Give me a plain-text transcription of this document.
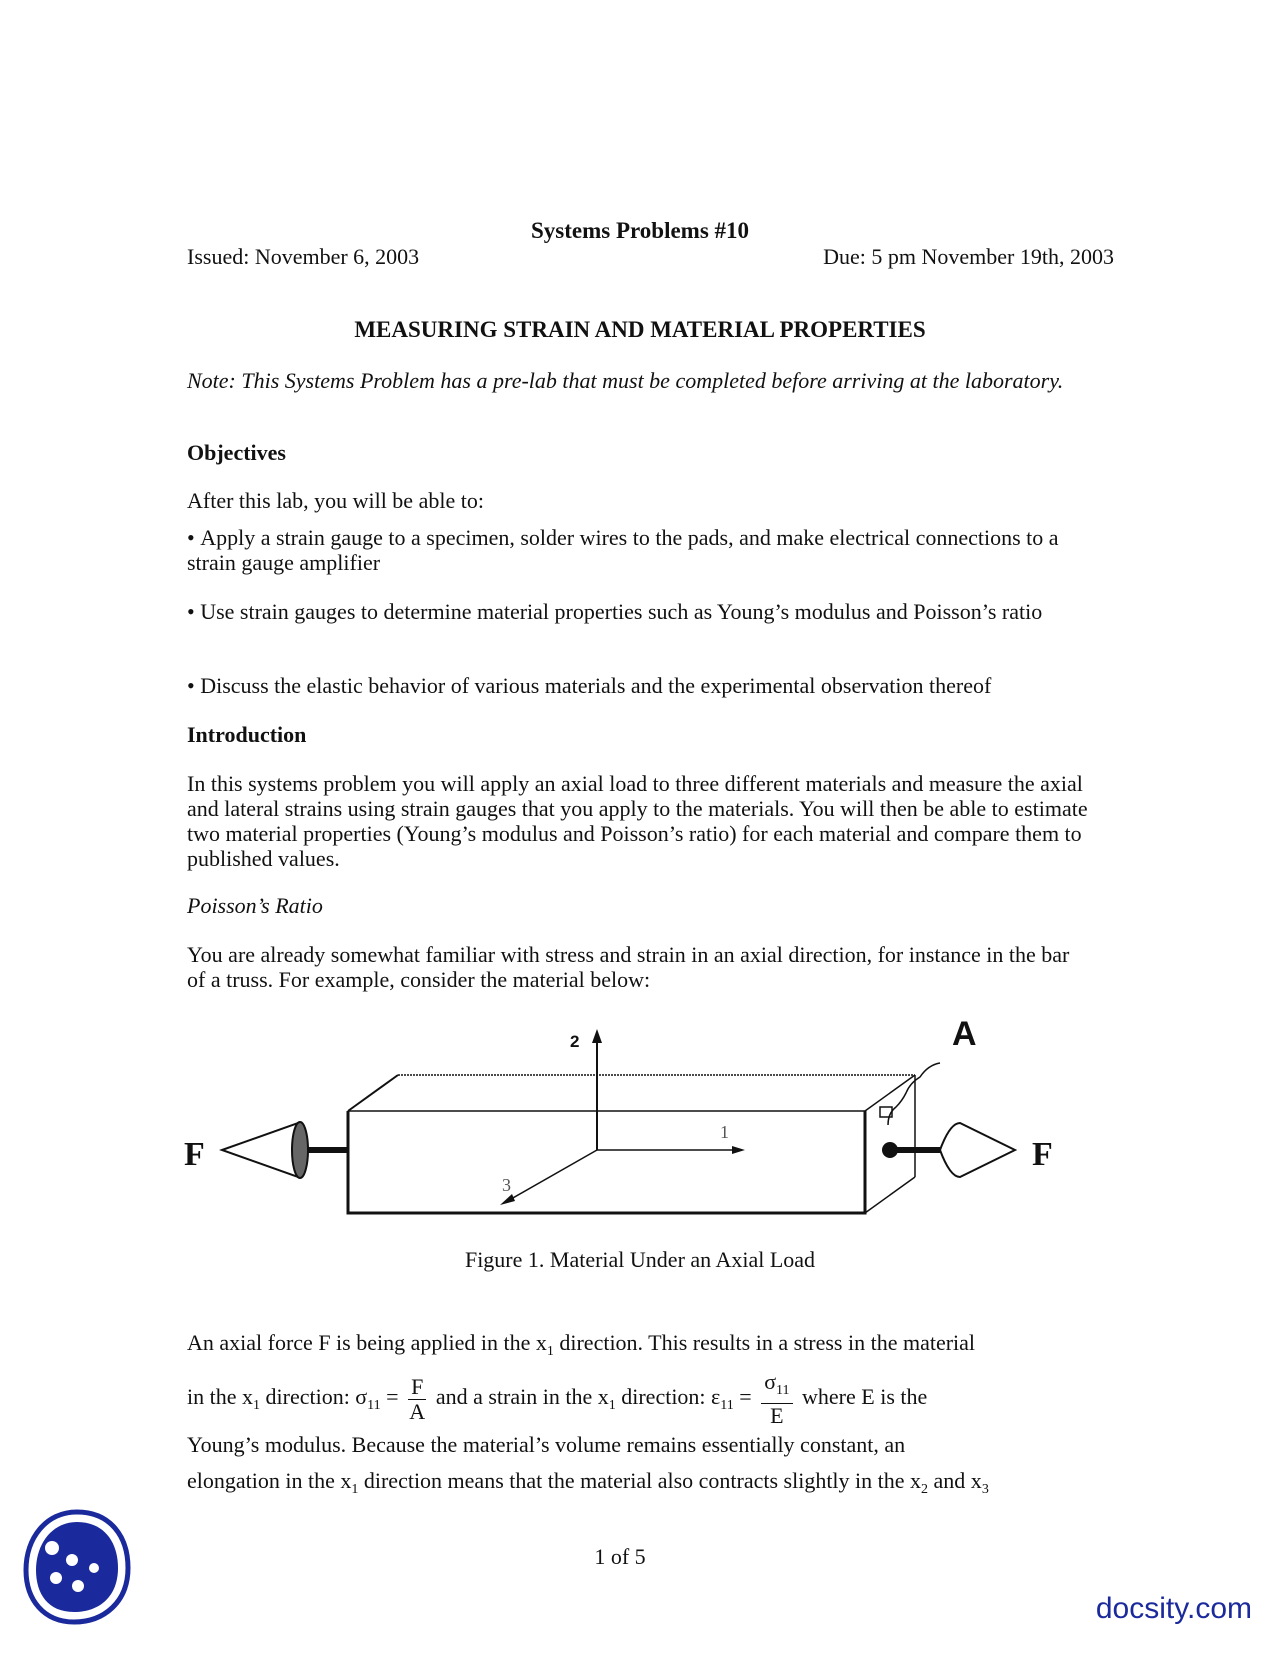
Systems Problems #10
Issued: November 6, 2003	Due: 5 pm November 19th, 2003
MEASURING STRAIN AND MATERIAL PROPERTIES
Note: This Systems Problem has a pre-lab that must be completed before arriving at the laboratory.
Objectives
After this lab, you will be able to:
• Apply a strain gauge to a specimen, solder wires to the pads, and make electrical connections to a strain gauge amplifier
• Use strain gauges to determine material properties such as Young’s modulus and Poisson’s ratio
• Discuss the elastic behavior of various materials and the experimental observation thereof
Introduction
In this systems problem you will apply an axial load to three different materials and measure the axial and lateral strains using strain gauges that you apply to the materials. You will then be able to estimate two material properties (Young’s modulus and Poisson’s ratio) for each material and compare them to published values.
Poisson’s Ratio
You are already somewhat familiar with stress and strain in an axial direction, for instance in the bar of a truss. For example, consider the material below:
2
1
3
F	F
A
Figure 1. Material Under an Axial Load
An axial force F is being applied in the $x_1$ direction. This results in a stress in the material
in the $x_1$ direction: $\sigma_{11} = \frac{F}{A}$ and a strain in the $x_1$ direction: $\varepsilon_{11} = \frac{\sigma_{11}}{E}$ where E is the
Young’s modulus. Because the material’s volume remains essentially constant, an
elongation in the $x_1$ direction means that the material also contracts slightly in the $x_2$ and $x_3$
1 of 5
docsity.com
